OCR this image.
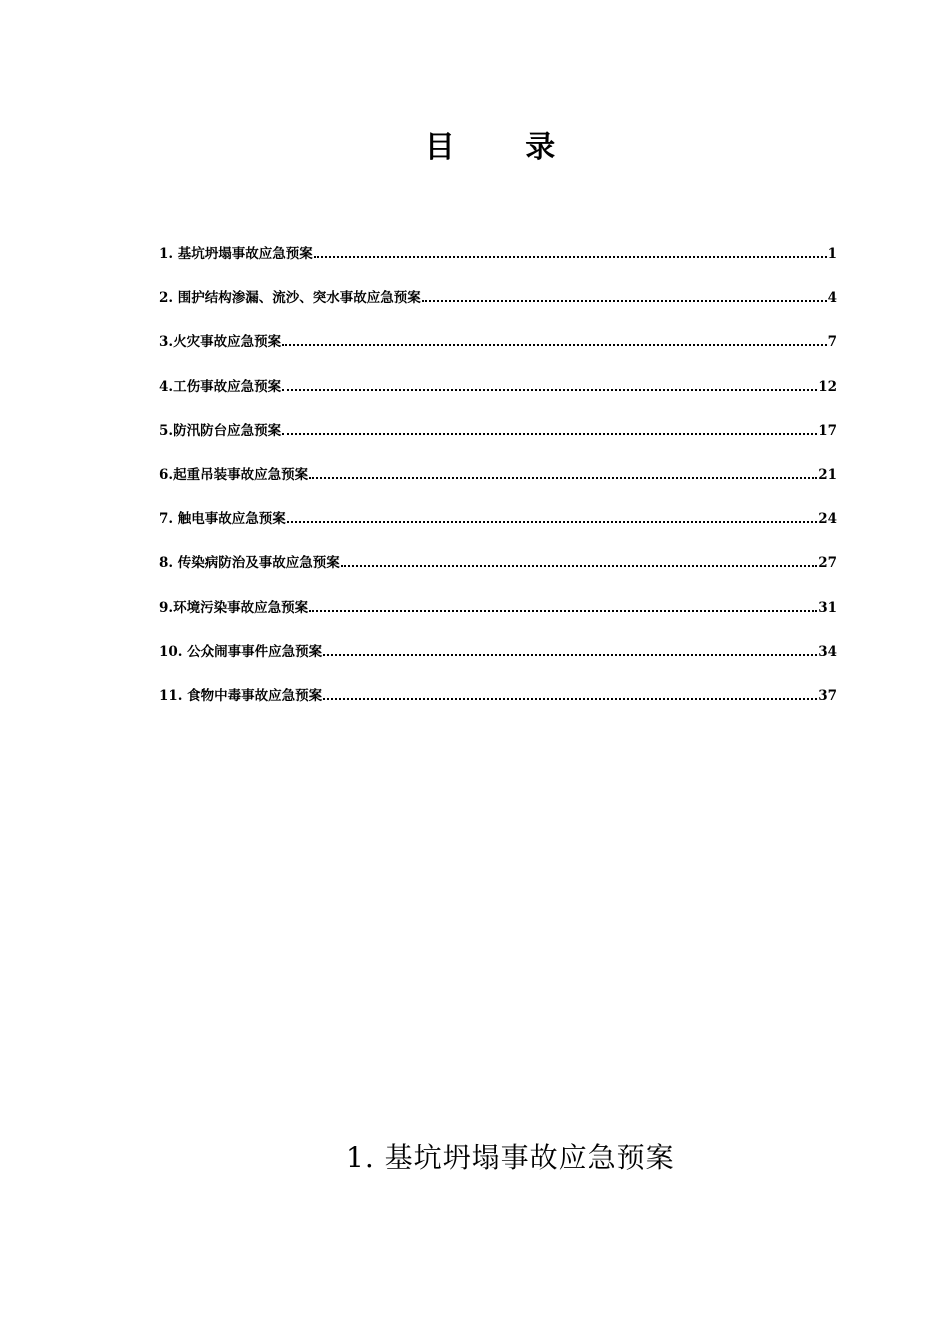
目 录
1. 基坑坍塌事故应急预案	1
2. 围护结构渗漏、流沙、突水事故应急预案	4
3.火灾事故应急预案	7
4.工伤事故应急预案	12
5.防汛防台应急预案	17
6.起重吊装事故应急预案	21
7. 触电事故应急预案	24
8. 传染病防治及事故应急预案	27
9.环境污染事故应急预案	31
10. 公众闹事事件应急预案	34
11. 食物中毒事故应急预案	37
1. 基坑坍塌事故应急预案
